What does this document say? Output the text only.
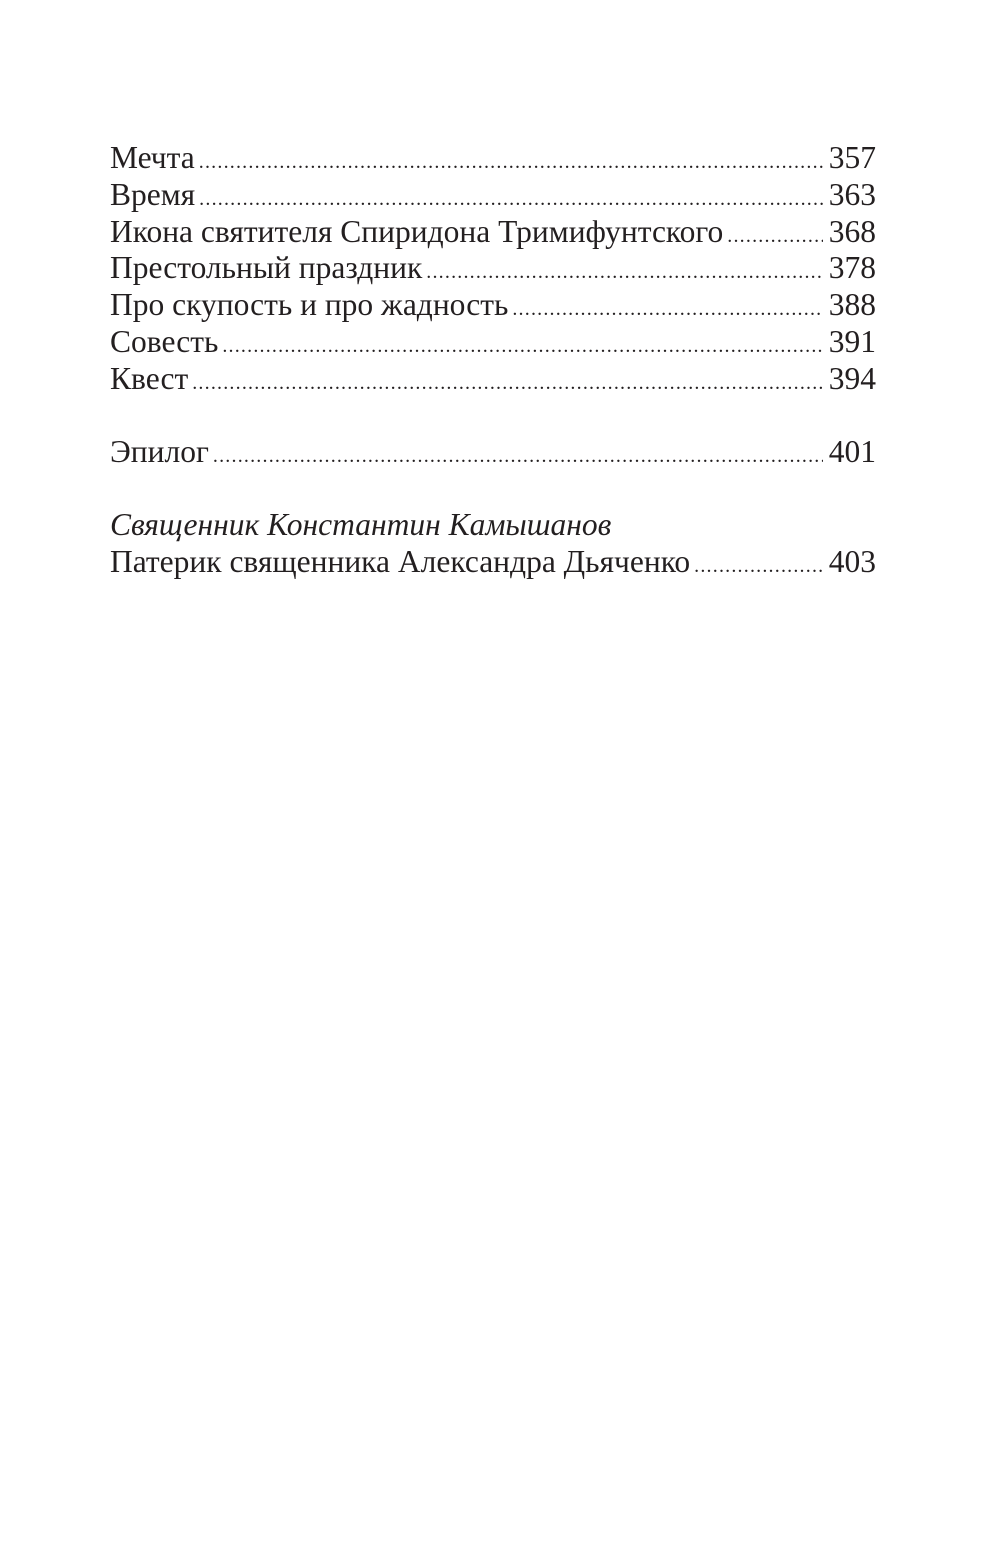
Мечта .....	357
Время .....	363
Икона святителя Спиридона Тримифунтского .....	368
Престольный праздник .....	378
Про скупость и про жадность .....	388
Совесть .....	391
Квест .....	394
Эпилог .....	401
Священник Константин Камышанов
Патерик священника Александра Дьяченко .....	403
